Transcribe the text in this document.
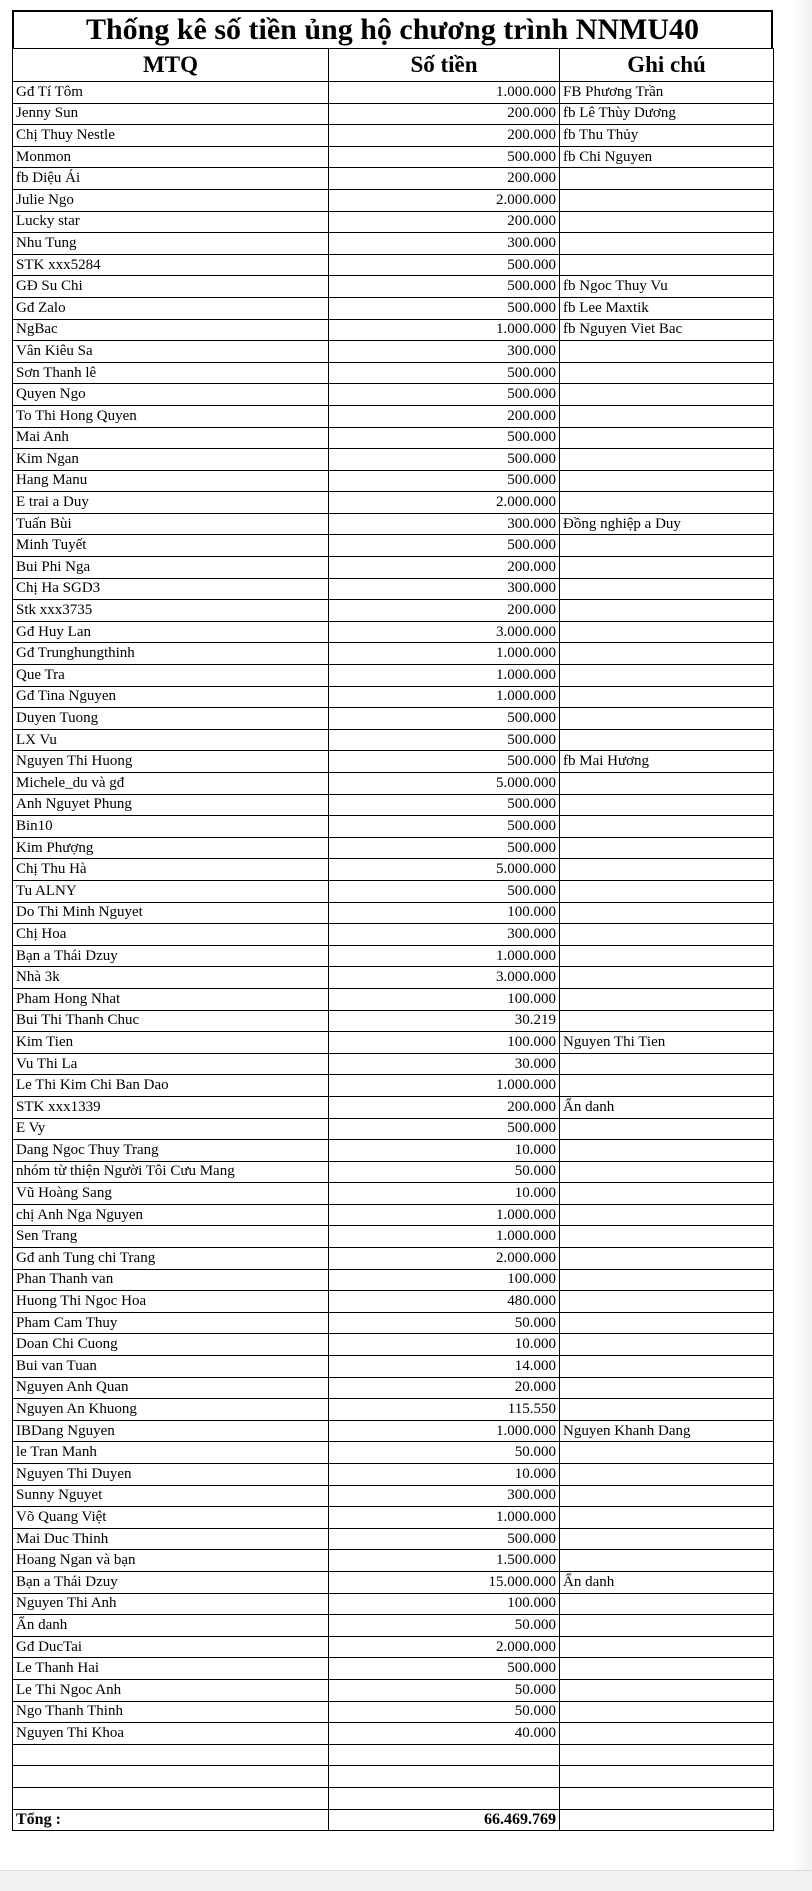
Thống kê số tiền ủng hộ chương trình NNMU40
MTQ	Số tiền	Ghi chú
Gđ Tí Tôm	1.000.000	FB Phương Trần
Jenny Sun	200.000	fb Lê Thùy Dương
Chị Thuy Nestle	200.000	fb Thu Thủy
Monmon	500.000	fb Chi Nguyen
fb Diệu Ái	200.000	
Julie Ngo	2.000.000	
Lucky star	200.000	
Nhu Tung	300.000	
STK xxx5284	500.000	
GĐ Su Chi	500.000	fb Ngoc Thuy Vu
Gđ Zalo	500.000	fb Lee Maxtik
NgBac	1.000.000	fb Nguyen Viet Bac
Vân Kiêu Sa	300.000	
Sơn Thanh lê	500.000	
Quyen Ngo	500.000	
To Thi Hong Quyen	200.000	
Mai Anh	500.000	
Kim Ngan	500.000	
Hang Manu	500.000	
E trai a Duy	2.000.000	
Tuấn Bùi	300.000	Đồng nghiệp a Duy
Minh Tuyết	500.000	
Bui Phi Nga	200.000	
Chị Ha SGD3	300.000	
Stk xxx3735	200.000	
Gđ Huy Lan	3.000.000	
Gđ Trunghungthinh	1.000.000	
Que Tra	1.000.000	
Gđ Tina Nguyen	1.000.000	
Duyen Tuong	500.000	
LX Vu	500.000	
Nguyen Thi Huong	500.000	fb Mai Hương
Michele_du và gđ	5.000.000	
Anh Nguyet Phung	500.000	
Bin10	500.000	
Kim Phượng	500.000	
Chị Thu Hà	5.000.000	
Tu ALNY	500.000	
Do Thi Minh Nguyet	100.000	
Chị Hoa	300.000	
Bạn a Thái Dzuy	1.000.000	
Nhà 3k	3.000.000	
Pham Hong Nhat	100.000	
Bui Thi Thanh Chuc	30.219	
Kim Tien	100.000	Nguyen Thi Tien
Vu Thi La	30.000	
Le Thi Kim Chi Ban Dao	1.000.000	
STK xxx1339	200.000	Ẩn danh
E Vy	500.000	
Dang Ngoc Thuy Trang	10.000	
nhóm từ thiện Người Tôi Cưu Mang	50.000	
Vũ Hoàng Sang	10.000	
chị Anh Nga Nguyen	1.000.000	
Sen Trang	1.000.000	
Gđ anh Tung chi Trang	2.000.000	
Phan Thanh van	100.000	
Huong Thi Ngoc Hoa	480.000	
Pham Cam Thuy	50.000	
Doan Chi Cuong	10.000	
Bui van Tuan	14.000	
Nguyen Anh Quan	20.000	
Nguyen An Khuong	115.550	
IBDang Nguyen	1.000.000	Nguyen Khanh Dang
le Tran Manh	50.000	
Nguyen Thi Duyen	10.000	
Sunny Nguyet	300.000	
Võ Quang Việt	1.000.000	
Mai Duc Thinh	500.000	
Hoang Ngan và bạn	1.500.000	
Bạn a Thái Dzuy	15.000.000	Ẩn danh
Nguyen Thi Anh	100.000	
Ẩn danh	50.000	
Gđ DucTai	2.000.000	
Le Thanh Hai	500.000	
Le Thi Ngoc Anh	50.000	
Ngo Thanh Thinh	50.000	
Nguyen Thi Khoa	40.000	

Tổng :	66.469.769	
